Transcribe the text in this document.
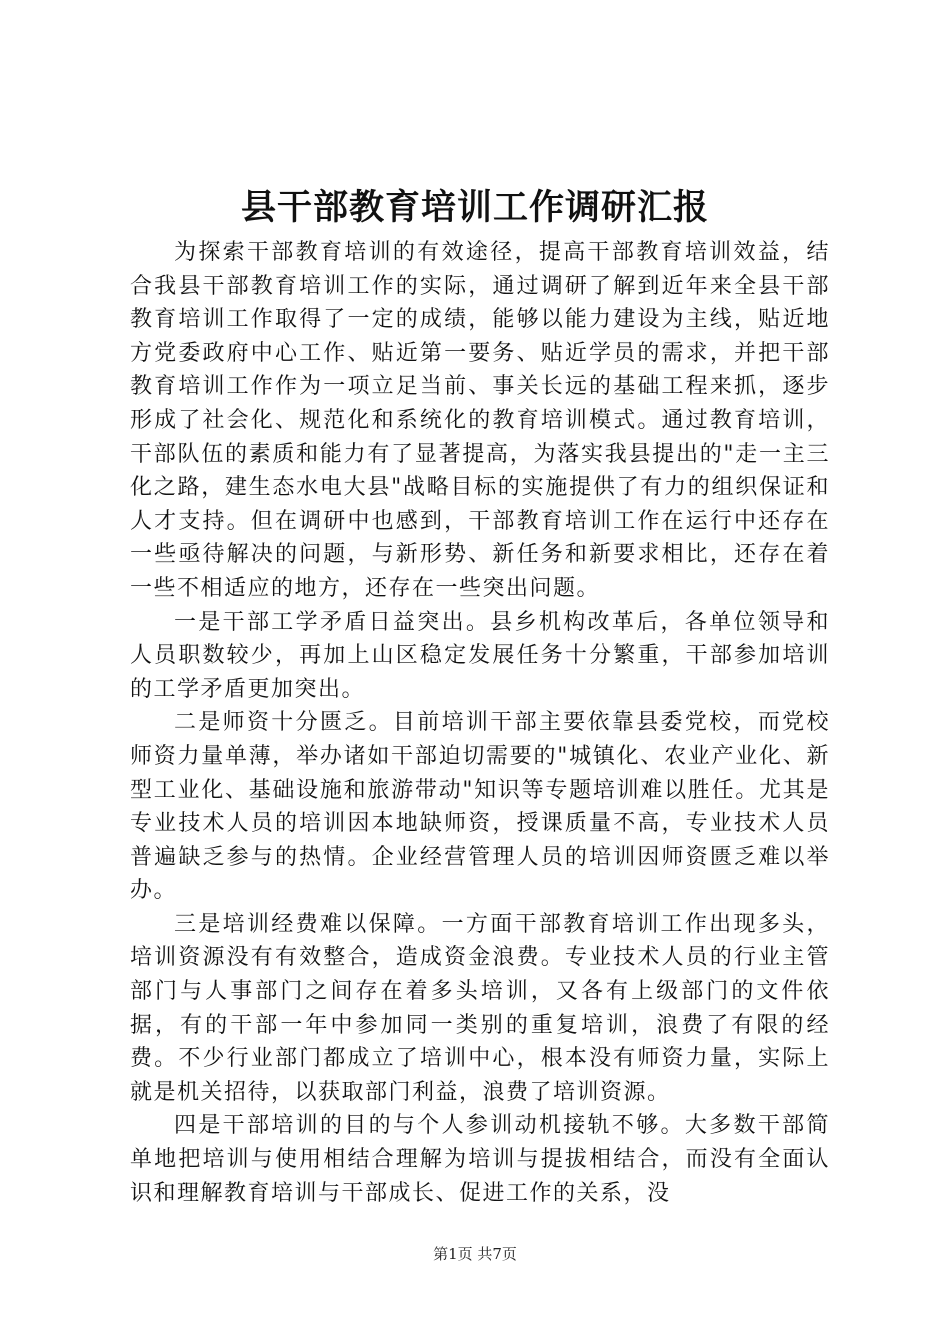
县干部教育培训工作调研汇报

为探索干部教育培训的有效途径，提高干部教育培训效益，结合我县干部教育培训工作的实际，通过调研了解到近年来全县干部教育培训工作取得了一定的成绩，能够以能力建设为主线，贴近地方党委政府中心工作、贴近第一要务、贴近学员的需求，并把干部教育培训工作作为一项立足当前、事关长远的基础工程来抓，逐步形成了社会化、规范化和系统化的教育培训模式。通过教育培训，干部队伍的素质和能力有了显著提高，为落实我县提出的"走一主三化之路，建生态水电大县"战略目标的实施提供了有力的组织保证和人才支持。但在调研中也感到，干部教育培训工作在运行中还存在一些亟待解决的问题，与新形势、新任务和新要求相比，还存在着一些不相适应的地方，还存在一些突出问题。

一是干部工学矛盾日益突出。县乡机构改革后，各单位领导和人员职数较少，再加上山区稳定发展任务十分繁重，干部参加培训的工学矛盾更加突出。

二是师资十分匮乏。目前培训干部主要依靠县委党校，而党校师资力量单薄，举办诸如干部迫切需要的"城镇化、农业产业化、新型工业化、基础设施和旅游带动"知识等专题培训难以胜任。尤其是专业技术人员的培训因本地缺师资，授课质量不高，专业技术人员普遍缺乏参与的热情。企业经营管理人员的培训因师资匮乏难以举办。

三是培训经费难以保障。一方面干部教育培训工作出现多头，培训资源没有有效整合，造成资金浪费。专业技术人员的行业主管部门与人事部门之间存在着多头培训，又各有上级部门的文件依据，有的干部一年中参加同一类别的重复培训，浪费了有限的经费。不少行业部门都成立了培训中心，根本没有师资力量，实际上就是机关招待，以获取部门利益，浪费了培训资源。

四是干部培训的目的与个人参训动机接轨不够。大多数干部简单地把培训与使用相结合理解为培训与提拔相结合，而没有全面认识和理解教育培训与干部成长、促进工作的关系，没

第1页 共7页
